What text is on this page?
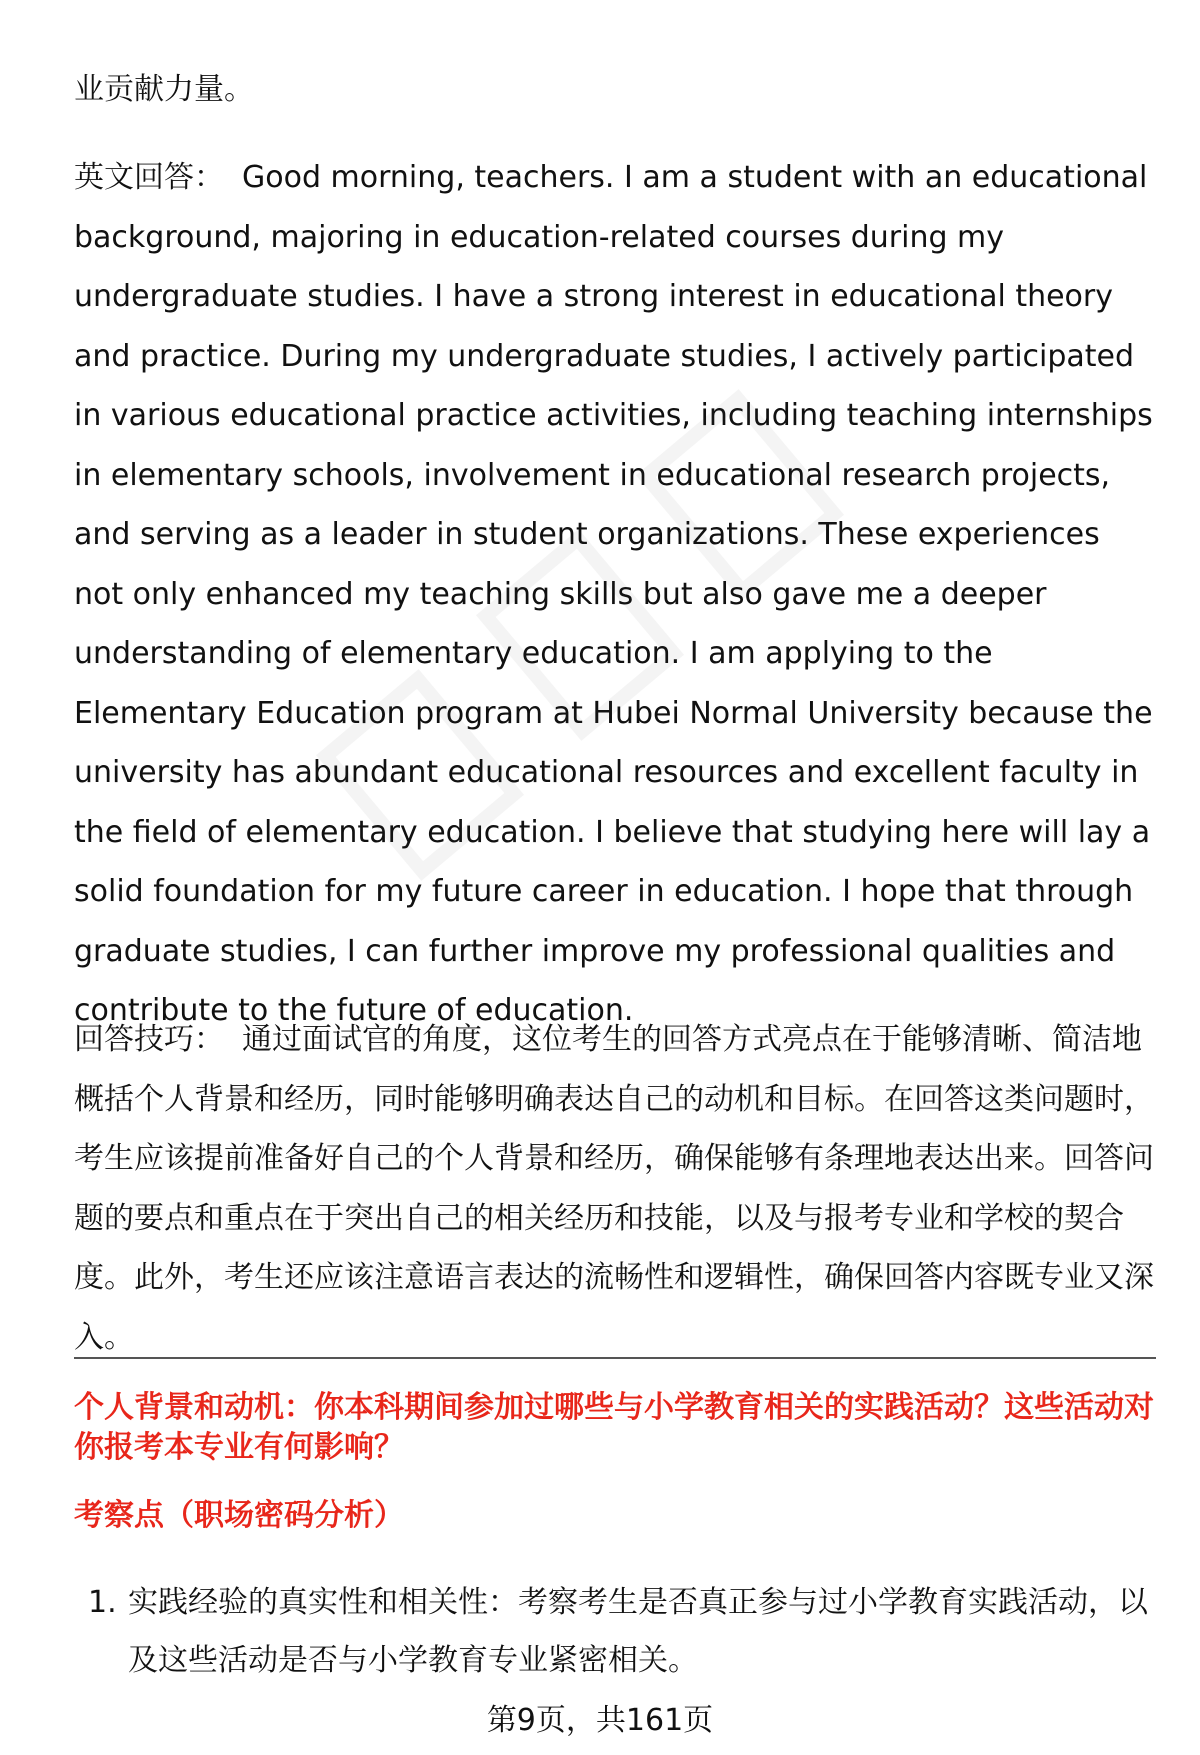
业贡献力量。

英文回答： Good morning, teachers. I am a student with an educational background, majoring in education-related courses during my undergraduate studies. I have a strong interest in educational theory and practice. During my undergraduate studies, I actively participated in various educational practice activities, including teaching internships in elementary schools, involvement in educational research projects, and serving as a leader in student organizations. These experiences not only enhanced my teaching skills but also gave me a deeper understanding of elementary education. I am applying to the Elementary Education program at Hubei Normal University because the university has abundant educational resources and excellent faculty in the field of elementary education. I believe that studying here will lay a solid foundation for my future career in education. I hope that through graduate studies, I can further improve my professional qualities and contribute to the future of education.

回答技巧： 通过面试官的角度，这位考生的回答方式亮点在于能够清晰、简洁地概括个人背景和经历，同时能够明确表达自己的动机和目标。在回答这类问题时，考生应该提前准备好自己的个人背景和经历，确保能够有条理地表达出来。回答问题的要点和重点在于突出自己的相关经历和技能，以及与报考专业和学校的契合度。此外，考生还应该注意语言表达的流畅性和逻辑性，确保回答内容既专业又深入。

个人背景和动机：你本科期间参加过哪些与小学教育相关的实践活动？这些活动对你报考本专业有何影响？

考察点（职场密码分析）

1. 实践经验的真实性和相关性：考察考生是否真正参与过小学教育实践活动，以及这些活动是否与小学教育专业紧密相关。
第9页，共161页
